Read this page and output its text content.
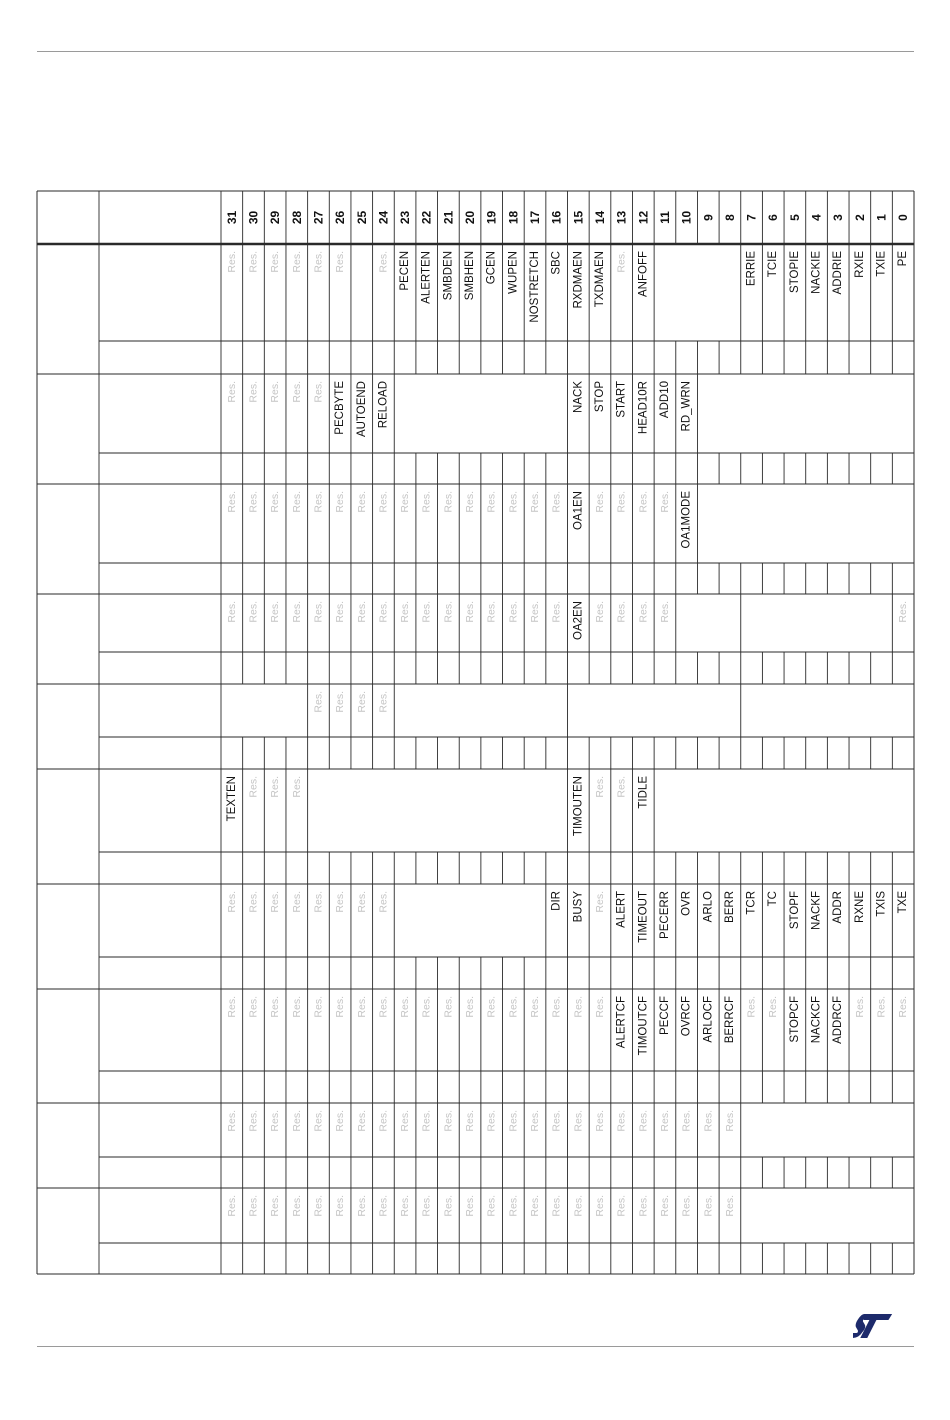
31 30 29 28 27 26 25 24 23 22 21 20 19 18 17 16 15 14 13 12 11 10 9 8 7 6 5 4 3 2 1 0
Res. Res. Res. Res. Res. Res.	Res. PECEN ALERTEN SMBDEN SMBHEN GCEN WUPEN NOSTRETCH SBC RXDMAEN TXDMAEN Res. ANFOFF	ERRIE TCIE STOPIE NACKIE ADDRIE RXIE TXIE PE
Res. Res. Res. Res. Res. PECBYTE AUTOEND RELOAD	NACK STOP START HEAD10R ADD10 RD_WRN
Res. Res. Res. Res. Res. Res. Res. Res. Res. Res. Res. Res. Res. Res. Res. Res. OA1EN Res. Res. Res. Res. OA1MODE
Res. Res. Res. Res. Res. Res. Res. Res. Res. Res. Res. Res. Res. Res. Res. Res. OA2EN Res. Res. Res. Res.	Res.
Res. Res. Res. Res.
TEXTEN Res. Res. Res.	TIMOUTEN Res. Res. TIDLE
Res. Res. Res. Res. Res. Res. Res. Res.	DIR BUSY Res. ALERT TIMEOUT PECERR OVR ARLO BERR TCR TC STOPF NACKF ADDR RXNE TXIS TXE
Res. Res. Res. Res. Res. Res. Res. Res. Res. Res. Res. Res. Res. Res. Res. Res. Res. Res. ALERTCF TIMOUTCF PECCF OVRCF ARLOCF BERRCF Res. Res. STOPCF NACKCF ADDRCF Res. Res. Res.
Res. Res. Res. Res. Res. Res. Res. Res. Res. Res. Res. Res. Res. Res. Res. Res. Res. Res. Res. Res. Res. Res. Res. Res.
Res. Res. Res. Res. Res. Res. Res. Res. Res. Res. Res. Res. Res. Res. Res. Res. Res. Res. Res. Res. Res. Res. Res. Res.
